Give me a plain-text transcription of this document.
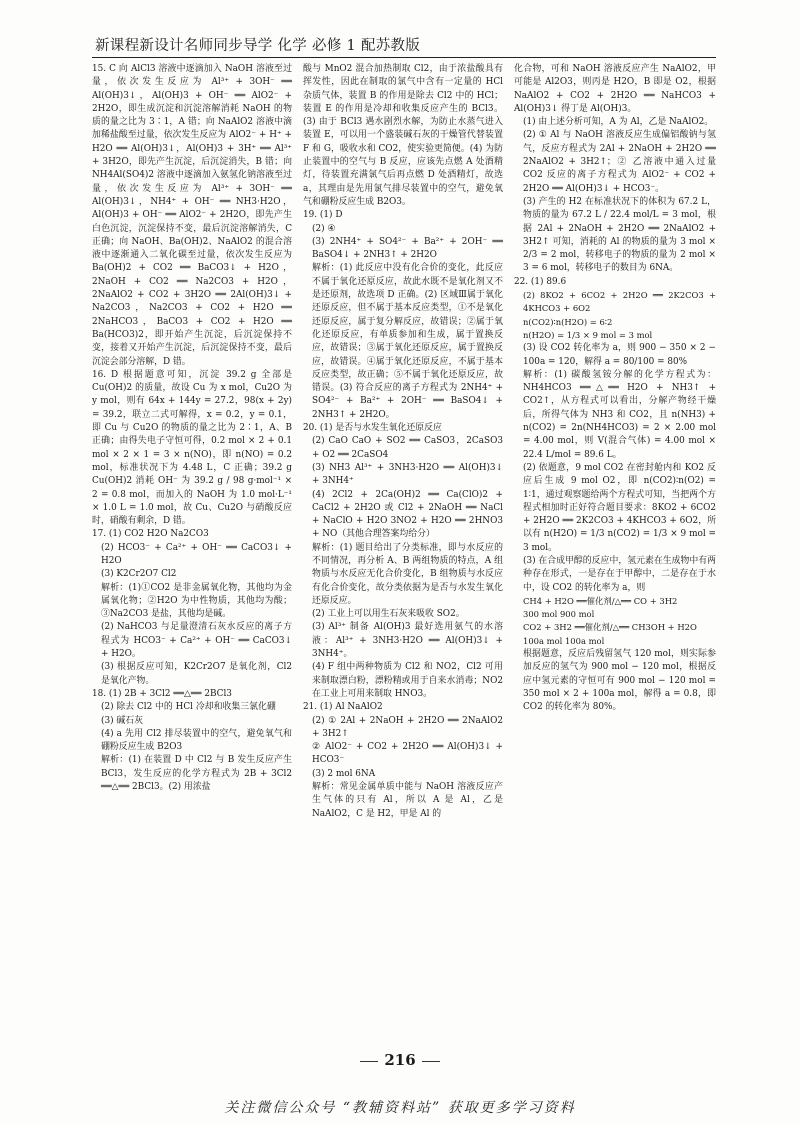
新课程新设计名师同步导学 化学 必修 1 配苏教版

15. C 向 AlCl3 溶液中逐滴加入 NaOH 溶液至过量，依次发生反应为 Al³⁺ + 3OH⁻ ══ Al(OH)3↓，Al(OH)3 + OH⁻ ══ AlO2⁻ + 2H2O，即生成沉淀和沉淀溶解消耗 NaOH 的物质的量之比为 3∶1，A 错；向 NaAlO2 溶液中滴加稀盐酸至过量，依次发生反应为 AlO2⁻ + H⁺ + H2O ══ Al(OH)3↓，Al(OH)3 + 3H⁺ ══ Al³⁺ + 3H2O，即先产生沉淀，后沉淀消失，B 错；向 NH4Al(SO4)2 溶液中逐滴加入氨氢化钠溶液至过量，依次发生反应为 Al³⁺ + 3OH⁻ ══ Al(OH)3↓，NH4⁺ + OH⁻ ══ NH3·H2O，Al(OH)3 + OH⁻ ══ AlO2⁻ + 2H2O，即先产生白色沉淀，沉淀保持不变，最后沉淀溶解消失，C 正确；向 NaOH、Ba(OH)2、NaAlO2 的混合溶液中逐渐通入二氧化碳至过量，依次发生反应为 Ba(OH)2 + CO2 ══ BaCO3↓ + H2O，2NaOH + CO2 ══ Na2CO3 + H2O，2NaAlO2 + CO2 + 3H2O ══ 2Al(OH)3↓ + Na2CO3，Na2CO3 + CO2 + H2O ══ 2NaHCO3，BaCO3 + CO2 + H2O ══ Ba(HCO3)2，即开始产生沉淀，后沉淀保持不变，接着又开始产生沉淀，后沉淀保持不变，最后沉淀会部分溶解，D 错。

16. D 根据题意可知，沉淀 39.2 g 全部是 Cu(OH)2 的质量，故设 Cu 为 x mol，Cu2O 为 y mol，则有 64x + 144y = 27.2，98(x + 2y) = 39.2，联立二式可解得，x = 0.2，y = 0.1，即 Cu 与 Cu2O 的物质的量之比为 2∶1，A、B 正确；由得失电子守恒可得，0.2 mol × 2 + 0.1 mol × 2 × 1 = 3 × n(NO)，即 n(NO) = 0.2 mol，标准状况下为 4.48 L，C 正确；39.2 g Cu(OH)2 消耗 OH⁻ 为 39.2 g / 98 g·mol⁻¹ × 2 = 0.8 mol，而加入的 NaOH 为 1.0 mol·L⁻¹ × 1.0 L = 1.0 mol，故 Cu、Cu2O 与硝酸反应时，硝酸有剩余，D 错。

17. (1) CO2 H2O Na2CO3

(2) HCO3⁻ + Ca²⁺ + OH⁻ ══ CaCO3↓ + H2O

(3) K2Cr2O7 Cl2

解析：(1)①CO2 是非金属氧化物，其他均为金属氧化物；②H2O 为中性物质，其他均为酸；③Na2CO3 是盐，其他均是碱。

(2) NaHCO3 与足量澄清石灰水反应的离子方程式为 HCO3⁻ + Ca²⁺ + OH⁻ ══ CaCO3↓ + H2O。

(3) 根据反应可知，K2Cr2O7 是氧化剂，Cl2 是氧化产物。

18. (1) 2B + 3Cl2 ══△══ 2BCl3

(2) 除去 Cl2 中的 HCl 冷却和收集三氯化硼

(3) 碱石灰

(4) a 先用 Cl2 排尽装置中的空气，避免氧气和硼粉反应生成 B2O3

解析：(1) 在装置 D 中 Cl2 与 B 发生反应产生 BCl3，发生反应的化学方程式为 2B + 3Cl2 ══△══ 2BCl3。(2) 用浓盐

酸与 MnO2 混合加热制取 Cl2，由于浓盐酸具有挥发性，因此在制取的氯气中含有一定量的 HCl 杂质气体，装置 B 的作用是除去 Cl2 中的 HCl；装置 E 的作用是冷却和收集反应产生的 BCl3。(3) 由于 BCl3 遇水剧烈水解，为防止水蒸气进入装置 E，可以用一个盛装碱石灰的干燥管代替装置 F 和 G，吸收水和 CO2，使实验更简便。(4) 为防止装置中的空气与 B 反应，应该先点燃 A 处酒精灯，待装置充满氯气后再点燃 D 处酒精灯，故选 a，其理由是先用氯气排尽装置中的空气，避免氧气和硼粉反应生成 B2O3。

19. (1) D

(2) ④

(3) 2NH4⁺ + SO4²⁻ + Ba²⁺ + 2OH⁻ ══ BaSO4↓ + 2NH3↑ + 2H2O

解析：(1) 此反应中没有化合价的变化，此反应不属于氧化还原反应，故此水既不是氧化剂又不是还原剂，故选项 D 正确。(2) 区域Ⅲ属于氧化还原反应，但不属于基本反应类型，①不是氧化还原反应，属于复分解反应，故错误；②属于氧化还原反应，有单质参加和生成，属于置换反应，故错误；③属于氧化还原反应，属于置换反应，故错误。④属于氧化还原反应，不属于基本反应类型，故正确；⑤不属于氧化还原反应，故错误。(3) 符合反应的离子方程式为 2NH4⁺ + SO4²⁻ + Ba²⁺ + 2OH⁻ ══ BaSO4↓ + 2NH3↑ + 2H2O。

20. (1) 是否与水发生氧化还原反应

(2) CaO CaO + SO2 ══ CaSO3，2CaSO3 + O2 ══ 2CaSO4

(3) NH3 Al³⁺ + 3NH3·H2O ══ Al(OH)3↓ + 3NH4⁺

(4) 2Cl2 + 2Ca(OH)2 ══ Ca(ClO)2 + CaCl2 + 2H2O 或 Cl2 + 2NaOH ══ NaCl + NaClO + H2O 3NO2 + H2O ══ 2HNO3 + NO（其他合理答案均给分）

解析：(1) 题目给出了分类标准，即与水反应的不同情况，再分析 A、B 两组物质的特点，A 组物质与水反应无化合价变化，B 组物质与水反应有化合价变化，故分类依据为是否与水发生氧化还原反应。

(2) 工业上可以用生石灰来吸收 SO2。

(3) Al³⁺ 制备 Al(OH)3 最好选用氨气的水溶液：Al³⁺ + 3NH3·H2O ══ Al(OH)3↓ + 3NH4⁺。

(4) F 组中两种物质为 Cl2 和 NO2，Cl2 可用来制取漂白粉，漂粉精或用于自来水消毒；NO2 在工业上可用来制取 HNO3。

21. (1) Al NaAlO2

(2) ① 2Al + 2NaOH + 2H2O ══ 2NaAlO2 + 3H2↑

② AlO2⁻ + CO2 + 2H2O ══ Al(OH)3↓ + HCO3⁻

(3) 2 mol 6NA

解析：常见金属单质中能与 NaOH 溶液反应产生气体的只有 Al，所以 A 是 Al，乙是 NaAlO2，C 是 H2，甲是 Al 的

化合物，可和 NaOH 溶液反应产生 NaAlO2，甲可能是 Al2O3，则丙是 H2O，B 即是 O2，根据 NaAlO2 + CO2 + 2H2O ══ NaHCO3 + Al(OH)3↓ 得丁是 Al(OH)3。

(1) 由上述分析可知，A 为 Al，乙是 NaAlO2。

(2) ① Al 与 NaOH 溶液反应生成偏铝酸钠与氢气，反应方程式为 2Al + 2NaOH + 2H2O ══ 2NaAlO2 + 3H2↑；② 乙溶液中通入过量 CO2 反应的离子方程式为 AlO2⁻ + CO2 + 2H2O ══ Al(OH)3↓ + HCO3⁻。

(3) 产生的 H2 在标准状况下的体积为 67.2 L，物质的量为 67.2 L / 22.4 mol/L = 3 mol，根据 2Al + 2NaOH + 2H2O ══ 2NaAlO2 + 3H2↑ 可知，消耗的 Al 的物质的量为 3 mol × 2/3 = 2 mol，转移电子的物质的量为 2 mol × 3 = 6 mol，转移电子的数目为 6NA。

22. (1) 89.6

(2) 8KO2 + 6CO2 + 2H2O ══ 2K2CO3 + 4KHCO3 + 6O2

n(CO2)∶n(H2O) = 6∶2

n(H2O) = 1/3 × 9 mol = 3 mol

(3) 设 CO2 转化率为 a，则 900 − 350 × 2 − 100a = 120，解得 a = 80/100 = 80%

解析：(1) 碳酸氢铵分解的化学方程式为：NH4HCO3 ══△══ H2O + NH3↑ + CO2↑，从方程式可以看出，分解产物经干燥后，所得气体为 NH3 和 CO2，且 n(NH3) + n(CO2) = 2n(NH4HCO3) = 2 × 2.00 mol = 4.00 mol，则 V(混合气体) = 4.00 mol × 22.4 L/mol = 89.6 L。

(2) 依题意，9 mol CO2 在密封舱内和 KO2 反应后生成 9 mol O2，即 n(CO2)∶n(O2) = 1∶1，通过观察题给两个方程式可知，当把两个方程式相加时正好符合题目要求：8KO2 + 6CO2 + 2H2O ══ 2K2CO3 + 4KHCO3 + 6O2，所以有 n(H2O) = 1/3 n(CO2) = 1/3 × 9 mol = 3 mol。

(3) 在合成甲醇的反应中，氢元素在生成物中有两种存在形式，一是存在于甲醇中，二是存在于水中，设 CO2 的转化率为 a，则

CH4 + H2O ══催化剂/△══ CO + 3H2

300 mol 900 mol

CO2 + 3H2 ══催化剂/△══ CH3OH + H2O

100a mol 100a mol

根据题意，反应后残留氢气 120 mol，则实际参加反应的氢气为 900 mol − 120 mol，根据反应中氢元素的守恒可有 900 mol − 120 mol = 350 mol × 2 + 100a mol，解得 a = 0.8，即 CO2 的转化率为 80%。

216
关注微信公众号 “教辅资料站” 获取更多学习资料
